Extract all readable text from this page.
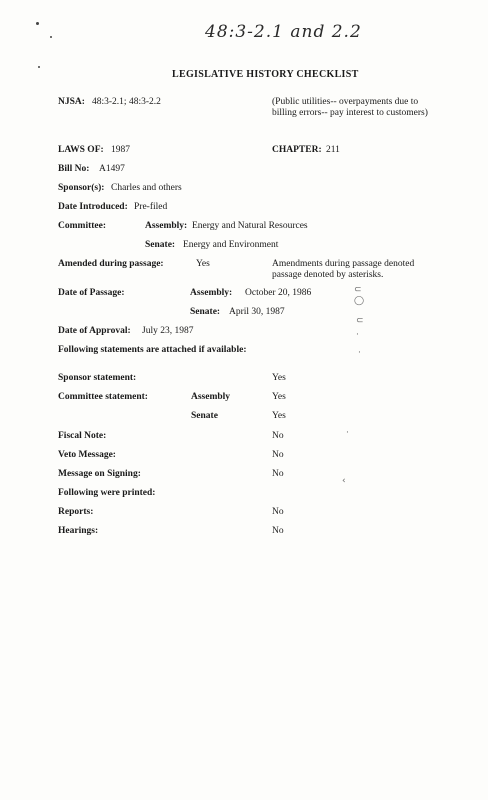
48:3-2.1 and 2.2
LEGISLATIVE HISTORY CHECKLIST
NJSA: 48:3-2.1; 48:3-2.2	(Public utilities-- overpayments due to billing errors-- pay interest to customers)
LAWS OF: 1987	CHAPTER: 211
Bill No: A1497
Sponsor(s): Charles and others
Date Introduced: Pre-filed
Committee:	Assembly: Energy and Natural Resources
Senate: Energy and Environment
Amended during passage:	Yes	Amendments during passage denoted passage denoted by asterisks.
Date of Passage:	Assembly: October 20, 1986
Senate: April 30, 1987
⊂
◯
⊂
·
·
·
‹
Date of Approval: July 23, 1987
Following statements are attached if available:
Sponsor statement:	Yes
Committee statement:	Assembly	Yes
Senate	Yes
Fiscal Note:	No
Veto Message:	No
Message on Signing:	No
Following were printed:
Reports:	No
Hearings:	No
